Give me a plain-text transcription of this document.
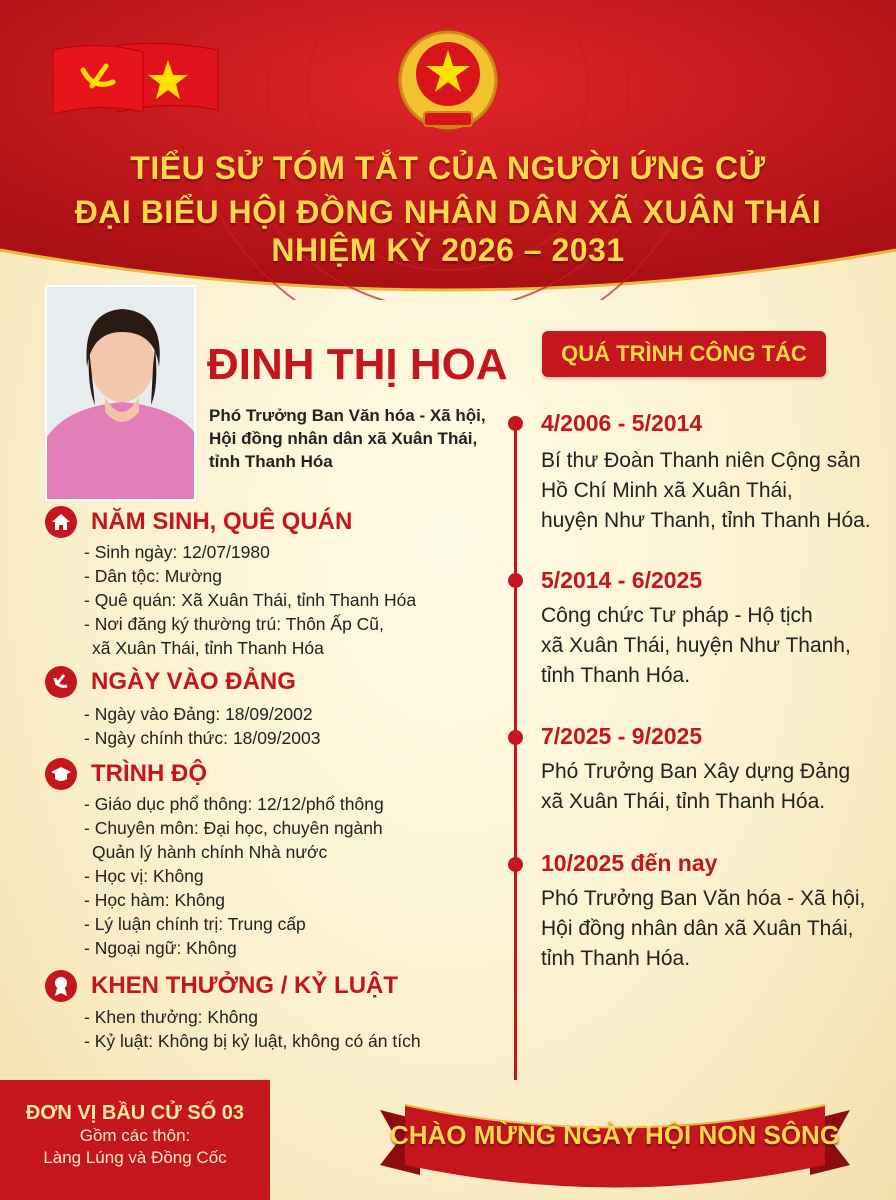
TIỂU SỬ TÓM TẮT CỦA NGƯỜI ỨNG CỬ
ĐẠI BIỂU HỘI ĐỒNG NHÂN DÂN XÃ XUÂN THÁI
NHIỆM KỲ 2026 – 2031
ĐINH THỊ HOA
Phó Trưởng Ban Văn hóa - Xã hội,
Hội đồng nhân dân xã Xuân Thái,
tỉnh Thanh Hóa
NĂM SINH, QUÊ QUÁN
- Sinh ngày: 12/07/1980
- Dân tộc: Mường
- Quê quán: Xã Xuân Thái, tỉnh Thanh Hóa
- Nơi đăng ký thường trú: Thôn Ấp Cũ,
xã Xuân Thái, tỉnh Thanh Hóa
NGÀY VÀO ĐẢNG
- Ngày vào Đảng: 18/09/2002
- Ngày chính thức: 18/09/2003
TRÌNH ĐỘ
- Giáo dục phổ thông: 12/12/phổ thông
- Chuyên môn: Đại học, chuyên ngành
Quản lý hành chính Nhà nước
- Học vị: Không
- Học hàm: Không
- Lý luận chính trị: Trung cấp
- Ngoại ngữ: Không
KHEN THƯỞNG / KỶ LUẬT
- Khen thưởng: Không
- Kỷ luật: Không bị kỷ luật, không có án tích
QUÁ TRÌNH CÔNG TÁC
4/2006 - 5/2014
Bí thư Đoàn Thanh niên Cộng sản
Hồ Chí Minh xã Xuân Thái,
huyện Như Thanh, tỉnh Thanh Hóa.
5/2014 - 6/2025
Công chức Tư pháp - Hộ tịch
xã Xuân Thái, huyện Như Thanh,
tỉnh Thanh Hóa.
7/2025 - 9/2025
Phó Trưởng Ban Xây dựng Đảng
xã Xuân Thái, tỉnh Thanh Hóa.
10/2025 đến nay
Phó Trưởng Ban Văn hóa - Xã hội,
Hội đồng nhân dân xã Xuân Thái,
tỉnh Thanh Hóa.
ĐƠN VỊ BẦU CỬ SỐ 03
Gồm các thôn:
Làng Lúng và Đồng Cốc
CHÀO MỪNG NGÀY HỘI NON SÔNG
